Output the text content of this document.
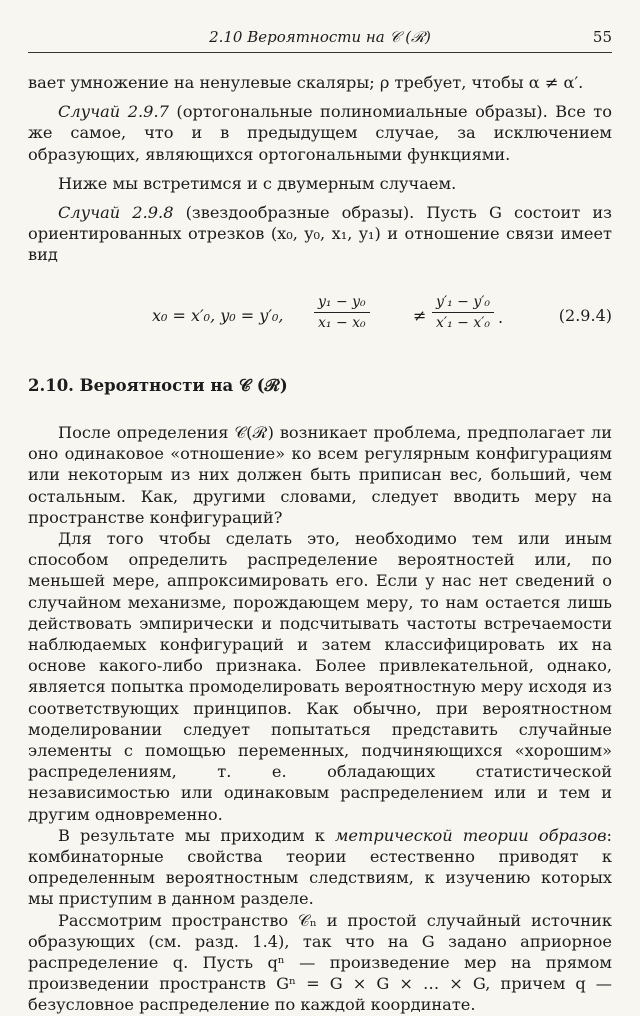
2.10 Вероятности на 𝒞 (ℛ)	55

вает умножение на ненулевые скаляры; ρ требует, чтобы α ≠ α′.

Случай 2.9.7 (ортогональные полиномиальные образы). Все то же самое, что и в предыдущем случае, за исключением образующих, являющихся ортогональными функциями.

Ниже мы встретимся и с двумерным случаем.

Случай 2.9.8 (звездообразные образы). Пусть G состоит из ориентированных отрезков (x₀, y₀, x₁, y₁) и отношение связи имеет вид

x₀ = x′₀, y₀ = y′₀, $\frac{\text{y₁ − y₀}}{\text{x₁ − x₀}}$	≠ $\frac{\text{y′₁ − y′₀}}{\text{x′₁ − x′₀}}$ .	(2.9.4)
2.10. Вероятности на 𝒞 (ℛ)

После определения 𝒞(ℛ) возникает проблема, предполагает ли оно одинаковое «отношение» ко всем регулярным конфигурациям или некоторым из них должен быть приписан вес, больший, чем остальным. Как, другими словами, следует вводить меру на пространстве конфигураций?

Для того чтобы сделать это, необходимо тем или иным способом определить распределение вероятностей или, по меньшей мере, аппроксимировать его. Если у нас нет сведений о случайном механизме, порождающем меру, то нам остается лишь действовать эмпирически и подсчитывать частоты встречаемости наблюдаемых конфигураций и затем классифицировать их на основе какого-либо признака. Более привлекательной, однако, является попытка промоделировать вероятностную меру исходя из соответствующих принципов. Как обычно, при вероятностном моделировании следует попытаться представить случайные элементы с помощью переменных, подчиняющихся «хорошим» распределениям, т. е. обладающих статистической независимостью или одинаковым распределением или и тем и другим одновременно.

В результате мы приходим к метрической теории образов: комбинаторные свойства теории естественно приводят к определенным вероятностным следствиям, к изучению которых мы приступим в данном разделе.

Рассмотрим пространство 𝒞ₙ и простой случайный источник образующих (см. разд. 1.4), так что на G задано априорное распределение q. Пусть qⁿ — произведение мер на прямом произведении пространств Gⁿ = G × G × … × G, причем q — безусловное распределение по каждой координате.
